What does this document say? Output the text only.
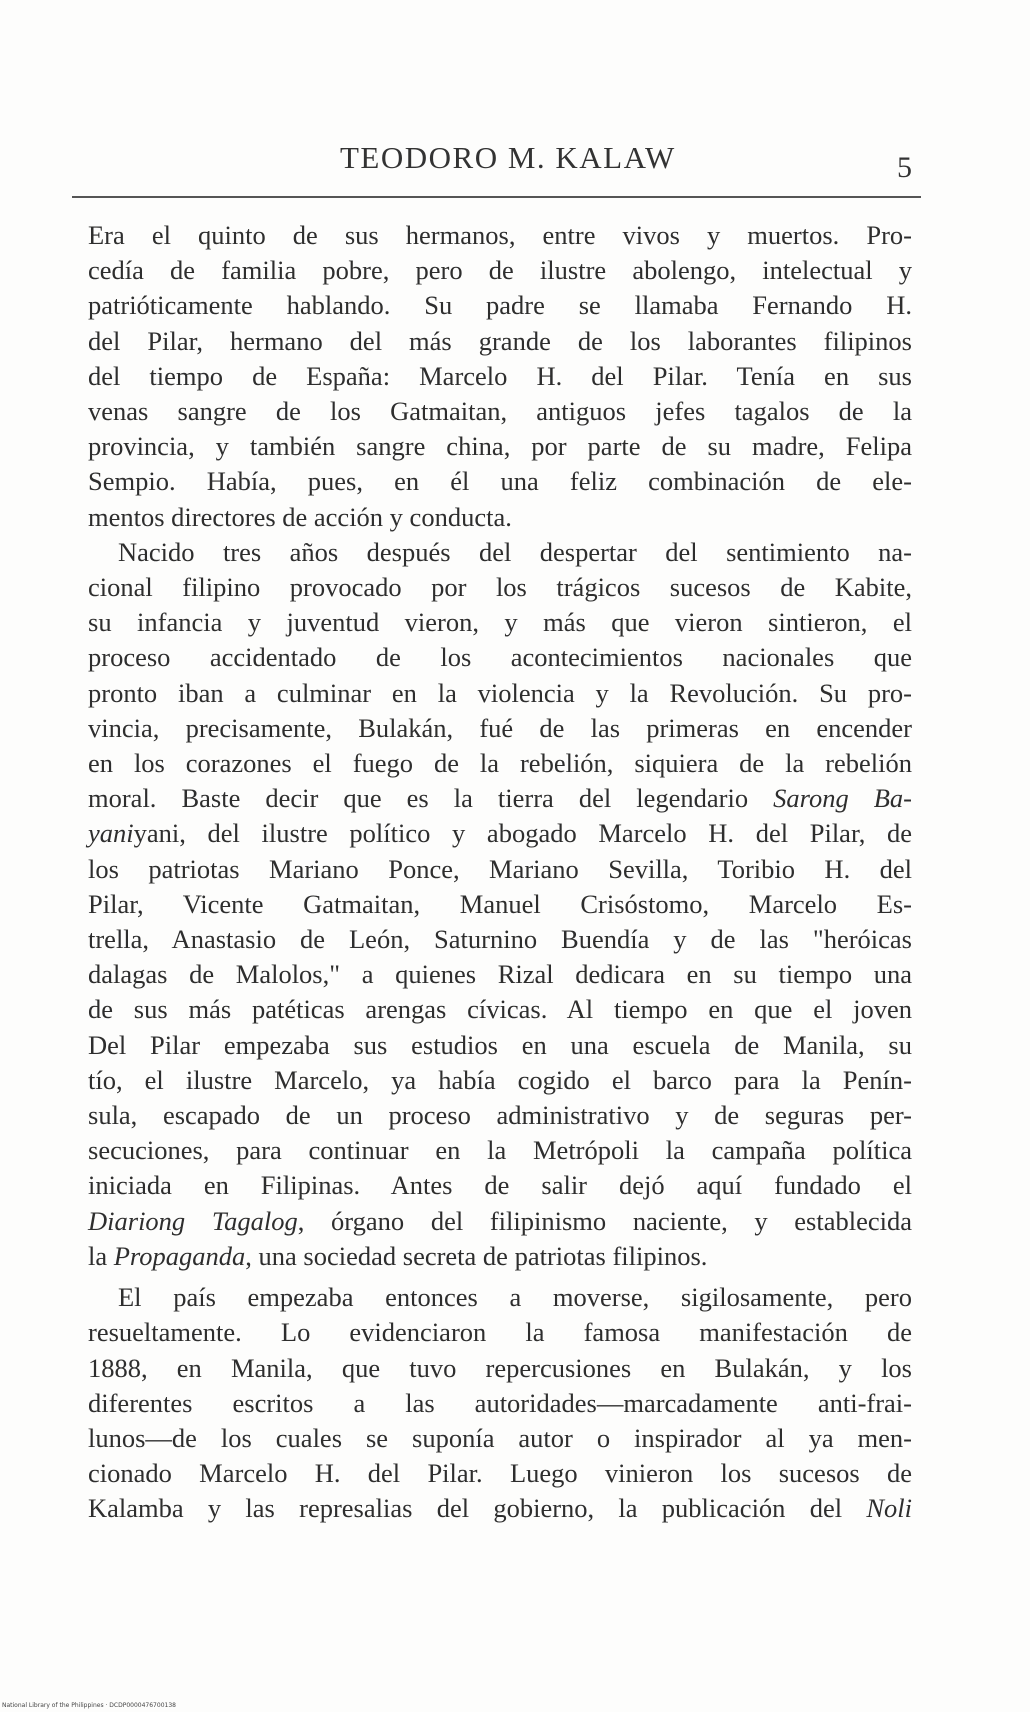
TEODORO M. KALAW	5

Era el quinto de sus hermanos, entre vivos y muertos. Pro-
cedía de familia pobre, pero de ilustre abolengo, intelectual y
patrióticamente hablando. Su padre se llamaba Fernando H.
del Pilar, hermano del más grande de los laborantes filipinos
del tiempo de España: Marcelo H. del Pilar. Tenía en sus
venas sangre de los Gatmaitan, antiguos jefes tagalos de la
provincia, y también sangre china, por parte de su madre, Felipa
Sempio. Había, pues, en él una feliz combinación de ele-
mentos directores de acción y conducta.

Nacido tres años después del despertar del sentimiento na-
cional filipino provocado por los trágicos sucesos de Kabite,
su infancia y juventud vieron, y más que vieron sintieron, el
proceso accidentado de los acontecimientos nacionales que
pronto iban a culminar en la violencia y la Revolución. Su pro-
vincia, precisamente, Bulakán, fué de las primeras en encender
en los corazones el fuego de la rebelión, siquiera de la rebelión
moral. Baste decir que es la tierra del legendario Sarong Ba-
yaniyani, del ilustre político y abogado Marcelo H. del Pilar, de
los patriotas Mariano Ponce, Mariano Sevilla, Toribio H. del
Pilar, Vicente Gatmaitan, Manuel Crisóstomo, Marcelo Es-
trella, Anastasio de León, Saturnino Buendía y de las "heróicas
dalagas de Malolos," a quienes Rizal dedicara en su tiempo una
de sus más patéticas arengas cívicas. Al tiempo en que el joven
Del Pilar empezaba sus estudios en una escuela de Manila, su
tío, el ilustre Marcelo, ya había cogido el barco para la Penín-
sula, escapado de un proceso administrativo y de seguras per-
secuciones, para continuar en la Metrópoli la campaña política
iniciada en Filipinas. Antes de salir dejó aquí fundado el
Diariong Tagalog, órgano del filipinismo naciente, y establecida
la Propaganda, una sociedad secreta de patriotas filipinos.

El país empezaba entonces a moverse, sigilosamente, pero
resueltamente. Lo evidenciaron la famosa manifestación de
1888, en Manila, que tuvo repercusiones en Bulakán, y los
diferentes escritos a las autoridades—marcadamente anti-frai-
lunos—de los cuales se suponía autor o inspirador al ya men-
cionado Marcelo H. del Pilar. Luego vinieron los sucesos de
Kalamba y las represalias del gobierno, la publicación del Noli

National Library of the Philippines · DCDP0000476700138
